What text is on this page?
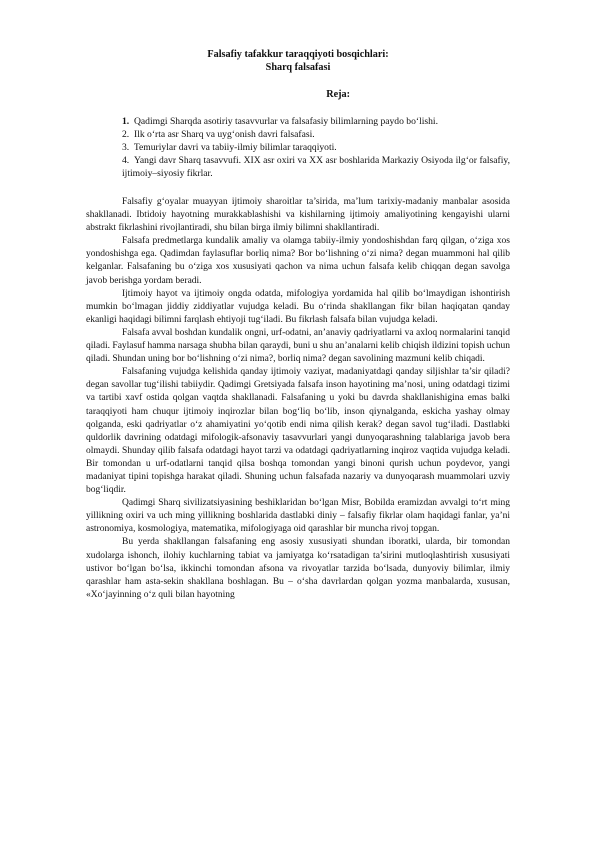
Falsafiy tafakkur taraqqiyoti bosqichlari:

Sharq falsafasi

Reja:

1. Qadimgi Sharqda asotiriy tasavvurlar va falsafasiy bilimlarning paydo bo‘lishi.
2. Ilk o‘rta asr Sharq va uyg‘onish davri falsafasi.
3. Temuriylar davri va tabiiy-ilmiy bilimlar taraqqiyoti.
4. Yangi davr Sharq tasavvufi. XIX asr oxiri va XX asr boshlarida Markaziy Osiyoda ilg‘or falsafiy, ijtimoiy–siyosiy fikrlar.

Falsafiy g‘oyalar muayyan ijtimoiy sharoitlar ta’sirida, ma’lum tarixiy-madaniy manbalar asosida shakllanadi. Ibtidoiy hayotning murakkablashishi va kishilarning ijtimoiy amaliyotining kengayishi ularni abstrakt fikrlashini rivojlantiradi, shu bilan birga ilmiy bilimni shakllantiradi.

Falsafa predmetlarga kundalik amaliy va olamga tabiiy-ilmiy yondoshishdan farq qilgan, o‘ziga xos yondoshishga ega. Qadimdan faylasuflar borliq nima? Bor bo‘lishning o‘zi nima? degan muammoni hal qilib kelganlar. Falsafaning bu o‘ziga xos xususiyati qachon va nima uchun falsafa kelib chiqqan degan savolga javob berishga yordam beradi.

Ijtimoiy hayot va ijtimoiy ongda odatda, mifologiya yordamida hal qilib bo‘lmaydigan ishontirish mumkin bo‘lmagan jiddiy ziddiyatlar vujudga keladi. Bu o‘rinda shakllangan fikr bilan haqiqatan qanday ekanligi haqidagi bilimni farqlash ehtiyoji tug‘iladi. Bu fikrlash falsafa bilan vujudga keladi.

Falsafa avval boshdan kundalik ongni, urf-odatni, an’anaviy qadriyatlarni va axloq normalarini tanqid qiladi. Faylasuf hamma narsaga shubha bilan qaraydi, buni u shu an’analarni kelib chiqish ildizini topish uchun qiladi. Shundan uning bor bo‘lishning o‘zi nima?, borliq nima? degan savolining mazmuni kelib chiqadi.

Falsafaning vujudga kelishida qanday ijtimoiy vaziyat, madaniyatdagi qanday siljishlar ta’sir qiladi? degan savollar tug‘ilishi tabiiydir. Qadimgi Gretsiyada falsafa inson hayotining ma’nosi, uning odatdagi tizimi va tartibi xavf ostida qolgan vaqtda shakllanadi. Falsafaning u yoki bu davrda shakllanishigina emas balki taraqqiyoti ham chuqur ijtimoiy inqirozlar bilan bog‘liq bo‘lib, inson qiynalganda, eskicha yashay olmay qolganda, eski qadriyatlar o‘z ahamiyatini yo‘qotib endi nima qilish kerak? degan savol tug‘iladi. Dastlabki quldorlik davrining odatdagi mifologik-afsonaviy tasavvurlari yangi dunyoqarashning talablariga javob bera olmaydi. Shunday qilib falsafa odatdagi hayot tarzi va odatdagi qadriyatlarning inqiroz vaqtida vujudga keladi. Bir tomondan u urf-odatlarni tanqid qilsa boshqa tomondan yangi binoni qurish uchun poydevor, yangi madaniyat tipini topishga harakat qiladi. Shuning uchun falsafada nazariy va dunyoqarash muammolari uzviy bog‘liqdir.

Qadimgi Sharq sivilizatsiyasining beshiklaridan bo‘lgan Misr, Bobilda eramizdan avvalgi to‘rt ming yillikning oxiri va uch ming yillikning boshlarida dastlabki diniy – falsafiy fikrlar olam haqidagi fanlar, ya’ni astronomiya, kosmologiya, matematika, mifologiyaga oid qarashlar bir muncha rivoj topgan.

Bu yerda shakllangan falsafaning eng asosiy xususiyati shundan iboratki, ularda, bir tomondan xudolarga ishonch, ilohiy kuchlarning tabiat va jamiyatga ko‘rsatadigan ta’sirini mutloqlashtirish xususiyati ustivor bo‘lgan bo‘lsa, ikkinchi tomondan afsona va rivoyatlar tarzida bo‘lsada, dunyoviy bilimlar, ilmiy qarashlar ham asta-sekin shakllana boshlagan. Bu – o‘sha davrlardan qolgan yozma manbalarda, xususan, «Xo‘jayinning o‘z quli bilan hayotning
